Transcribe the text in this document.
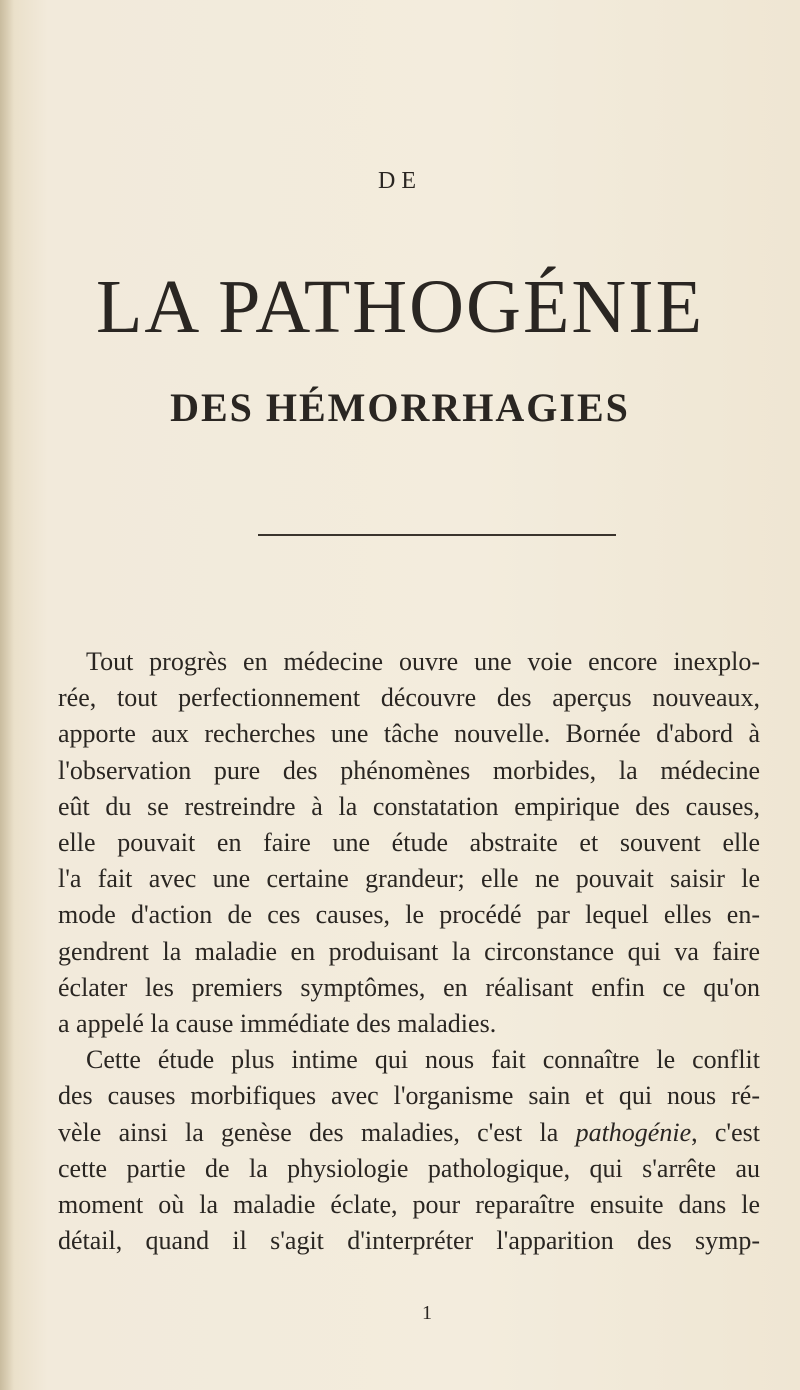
DE
LA PATHOGÉNIE
DES HÉMORRHAGIES

Tout progrès en médecine ouvre une voie encore inexplo-

rée, tout perfectionnement découvre des aperçus nouveaux,

apporte aux recherches une tâche nouvelle. Bornée d'abord à

l'observation pure des phénomènes morbides, la médecine

eût du se restreindre à la constatation empirique des causes,

elle pouvait en faire une étude abstraite et souvent elle

l'a fait avec une certaine grandeur; elle ne pouvait saisir le

mode d'action de ces causes, le procédé par lequel elles en-

gendrent la maladie en produisant la circonstance qui va faire

éclater les premiers symptômes, en réalisant enfin ce qu'on

a appelé la cause immédiate des maladies.

Cette étude plus intime qui nous fait connaître le conflit

des causes morbifiques avec l'organisme sain et qui nous ré-

vèle ainsi la genèse des maladies, c'est la pathogénie, c'est

cette partie de la physiologie pathologique, qui s'arrête au

moment où la maladie éclate, pour reparaître ensuite dans le

détail, quand il s'agit d'interpréter l'apparition des symp-

1
